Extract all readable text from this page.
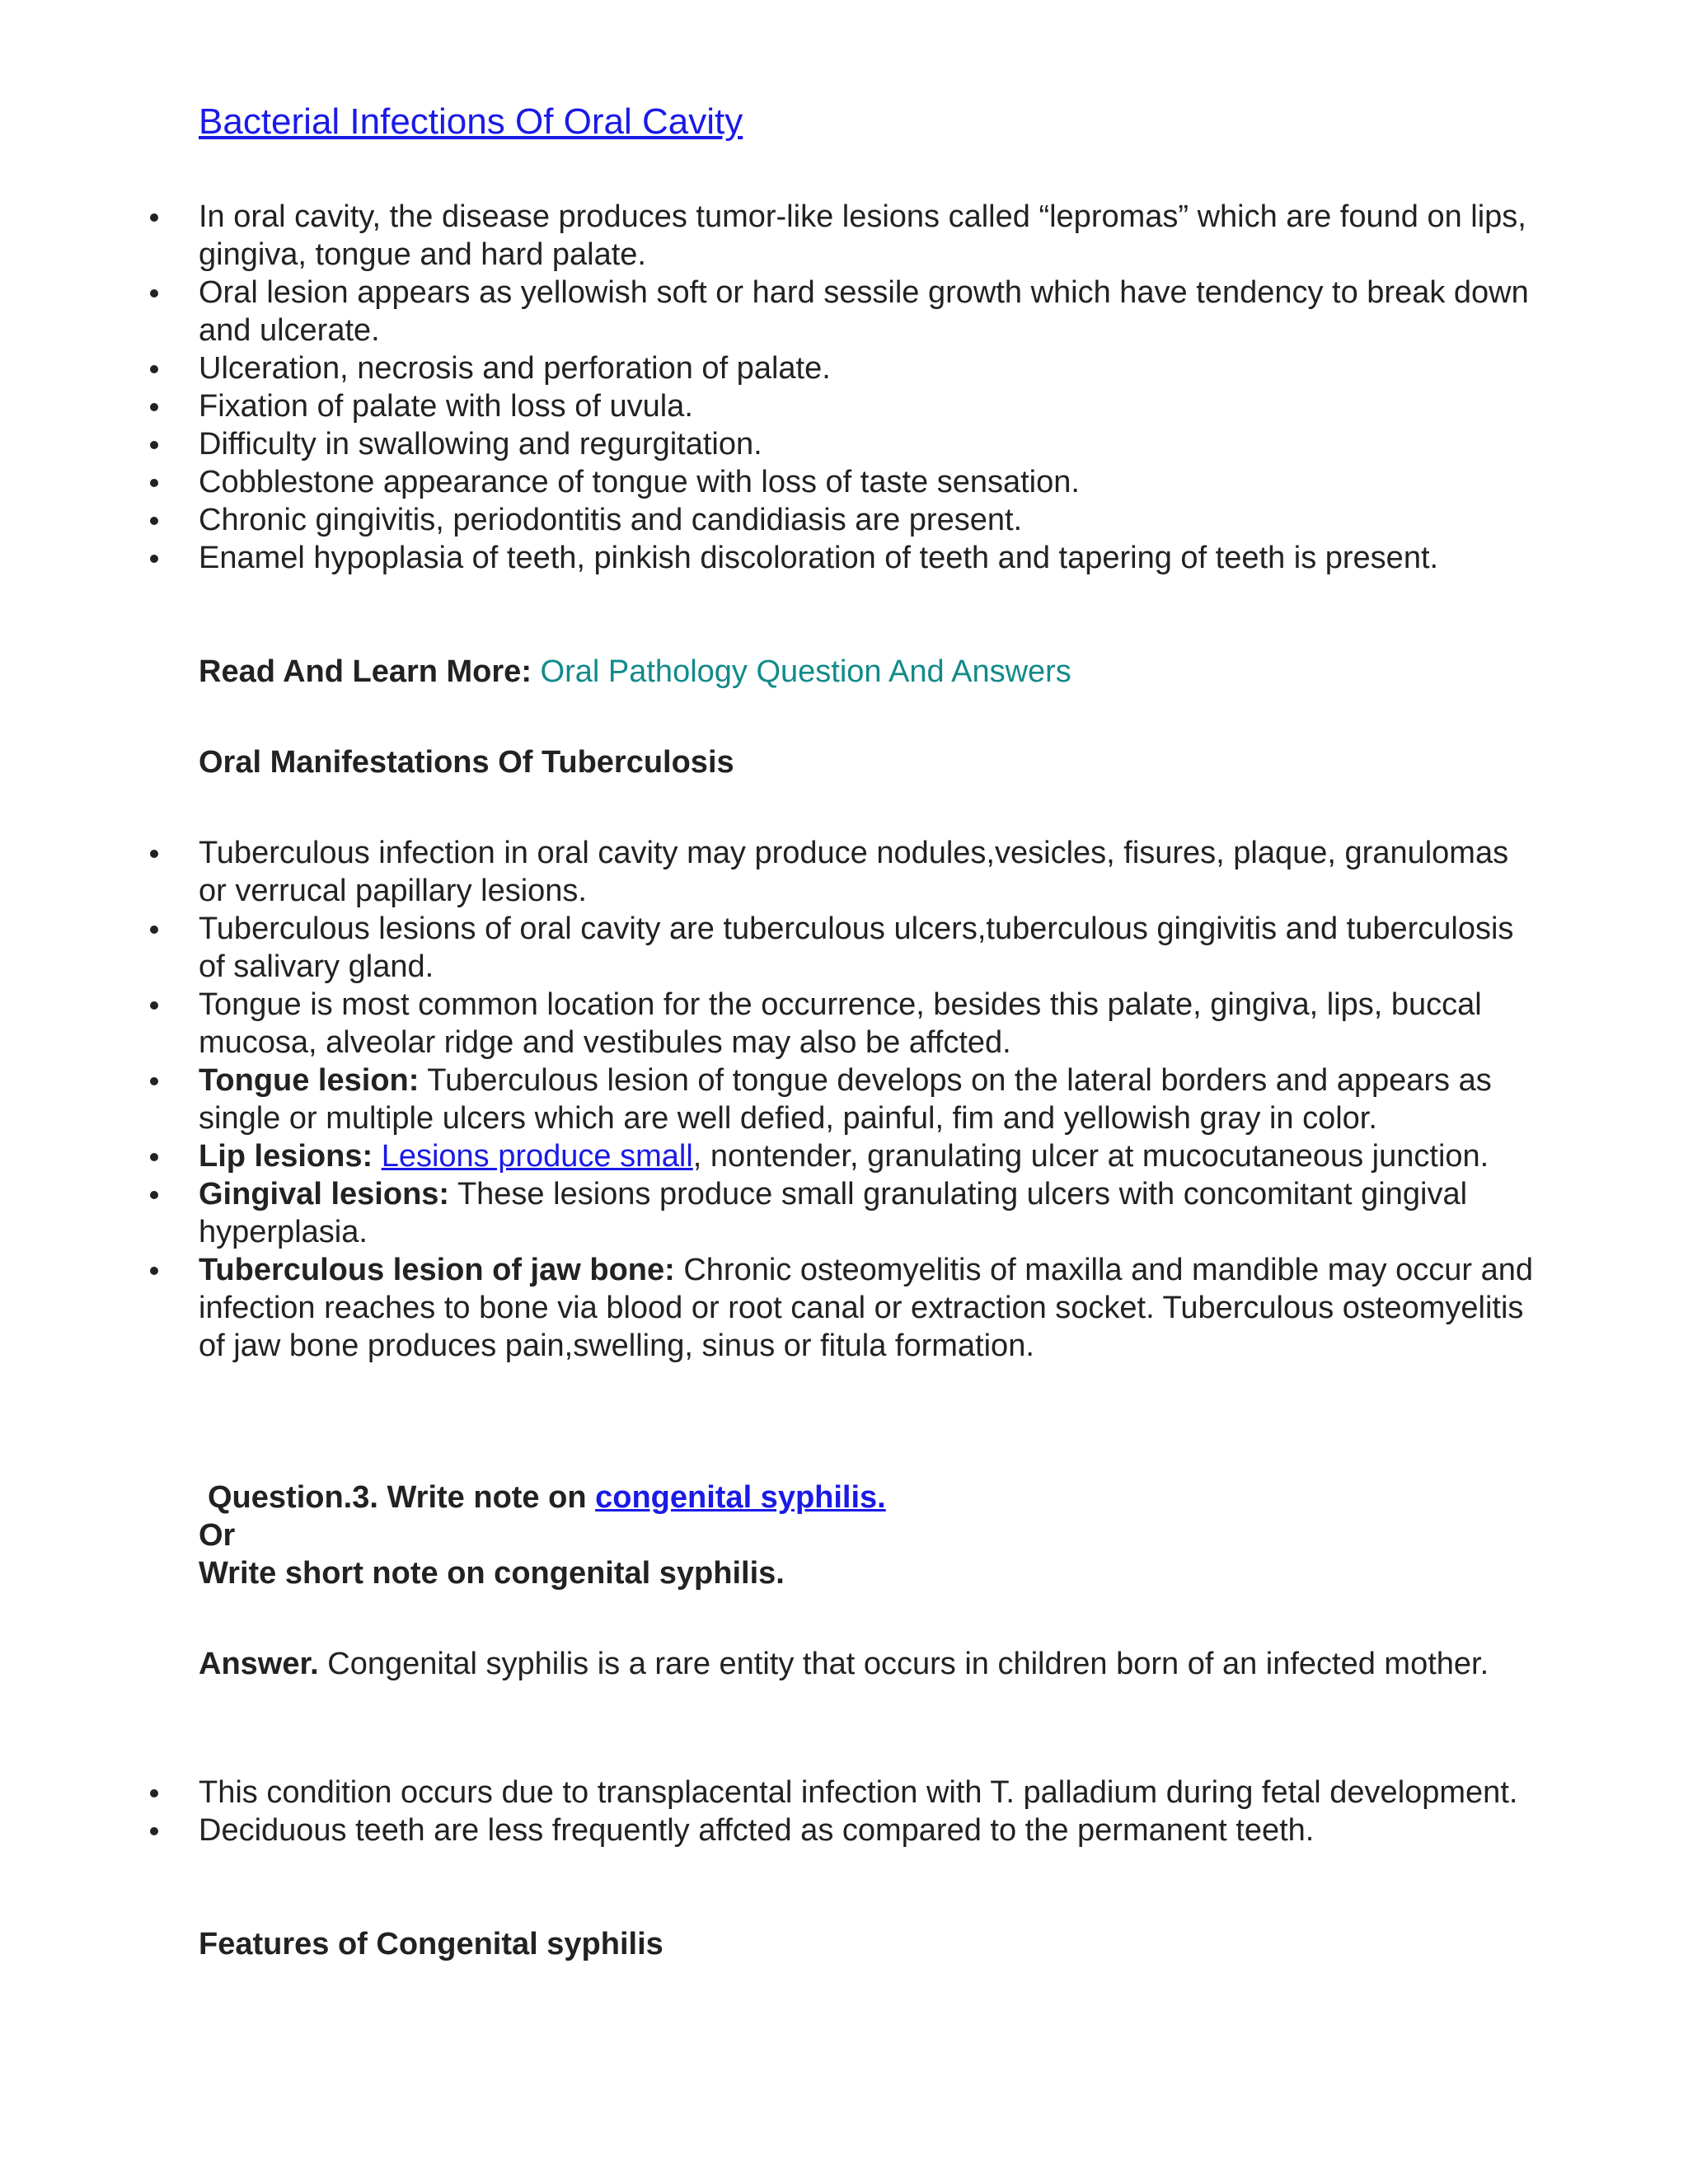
Bacterial Infections Of Oral Cavity
In oral cavity, the disease produces tumor-like lesions called “lepromas” which are found on lips, gingiva, tongue and hard palate.
Oral lesion appears as yellowish soft or hard sessile growth which have tendency to break down and ulcerate.
Ulceration, necrosis and perforation of palate.
Fixation of palate with loss of uvula.
Difficulty in swallowing and regurgitation.
Cobblestone appearance of tongue with loss of taste sensation.
Chronic gingivitis, periodontitis and candidiasis are present.
Enamel hypoplasia of teeth, pinkish discoloration of teeth and tapering of teeth is present.

Read And Learn More: Oral Pathology Question And Answers

Oral Manifestations Of Tuberculosis

Tuberculous infection in oral cavity may produce nodules,vesicles, fisures, plaque, granulomas or verrucal papillary lesions.
Tuberculous lesions of oral cavity are tuberculous ulcers,tuberculous gingivitis and tuberculosis of salivary gland.
Tongue is most common location for the occurrence, besides this palate, gingiva, lips, buccal mucosa, alveolar ridge and vestibules may also be affcted.
Tongue lesion: Tuberculous lesion of tongue develops on the lateral borders and appears as single or multiple ulcers which are well defied, painful, fim and yellowish gray in color.
Lip lesions: Lesions produce small, nontender, granulating ulcer at mucocutaneous junction.
Gingival lesions: These lesions produce small granulating ulcers with concomitant gingival hyperplasia.
Tuberculous lesion of jaw bone: Chronic osteomyelitis of maxilla and mandible may occur and infection reaches to bone via blood or root canal or extraction socket. Tuberculous osteomyelitis of jaw bone produces pain,swelling, sinus or fitula formation.
Question.3. Write note on congenital syphilis.
Or
Write short note on congenital syphilis.

Answer. Congenital syphilis is a rare entity that occurs in children born of an infected mother.

This condition occurs due to transplacental infection with T. palladium during fetal development.
Deciduous teeth are less frequently affcted as compared to the permanent teeth.

Features of Congenital syphilis
